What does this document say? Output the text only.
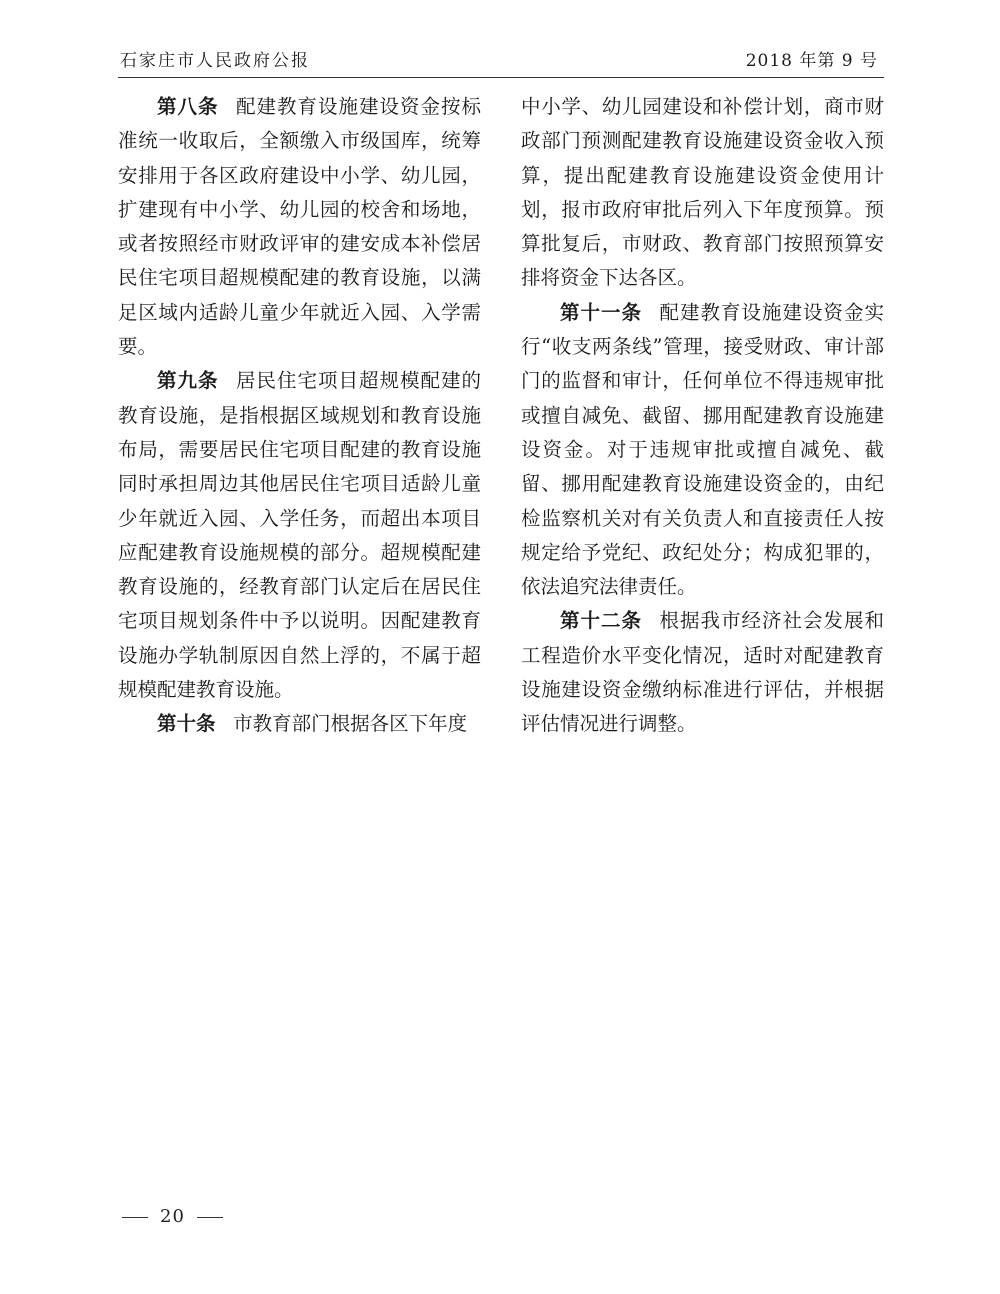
石家庄市人民政府公报	2018 年第 9 号

第八条 配建教育设施建设资金按标准统一收取后，全额缴入市级国库，统筹安排用于各区政府建设中小学、幼儿园，扩建现有中小学、幼儿园的校舍和场地，或者按照经市财政评审的建安成本补偿居民住宅项目超规模配建的教育设施，以满足区域内适龄儿童少年就近入园、入学需要。

第九条 居民住宅项目超规模配建的教育设施，是指根据区域规划和教育设施布局，需要居民住宅项目配建的教育设施同时承担周边其他居民住宅项目适龄儿童少年就近入园、入学任务，而超出本项目应配建教育设施规模的部分。超规模配建教育设施的，经教育部门认定后在居民住宅项目规划条件中予以说明。因配建教育设施办学轨制原因自然上浮的，不属于超规模配建教育设施。

第十条 市教育部门根据各区下年度

中小学、幼儿园建设和补偿计划，商市财政部门预测配建教育设施建设资金收入预算，提出配建教育设施建设资金使用计划，报市政府审批后列入下年度预算。预算批复后，市财政、教育部门按照预算安排将资金下达各区。

第十一条 配建教育设施建设资金实行“收支两条线”管理，接受财政、审计部门的监督和审计，任何单位不得违规审批或擅自减免、截留、挪用配建教育设施建设资金。对于违规审批或擅自减免、截留、挪用配建教育设施建设资金的，由纪检监察机关对有关负责人和直接责任人按规定给予党纪、政纪处分；构成犯罪的，依法追究法律责任。

第十二条 根据我市经济社会发展和工程造价水平变化情况，适时对配建教育设施建设资金缴纳标准进行评估，并根据评估情况进行调整。

20
